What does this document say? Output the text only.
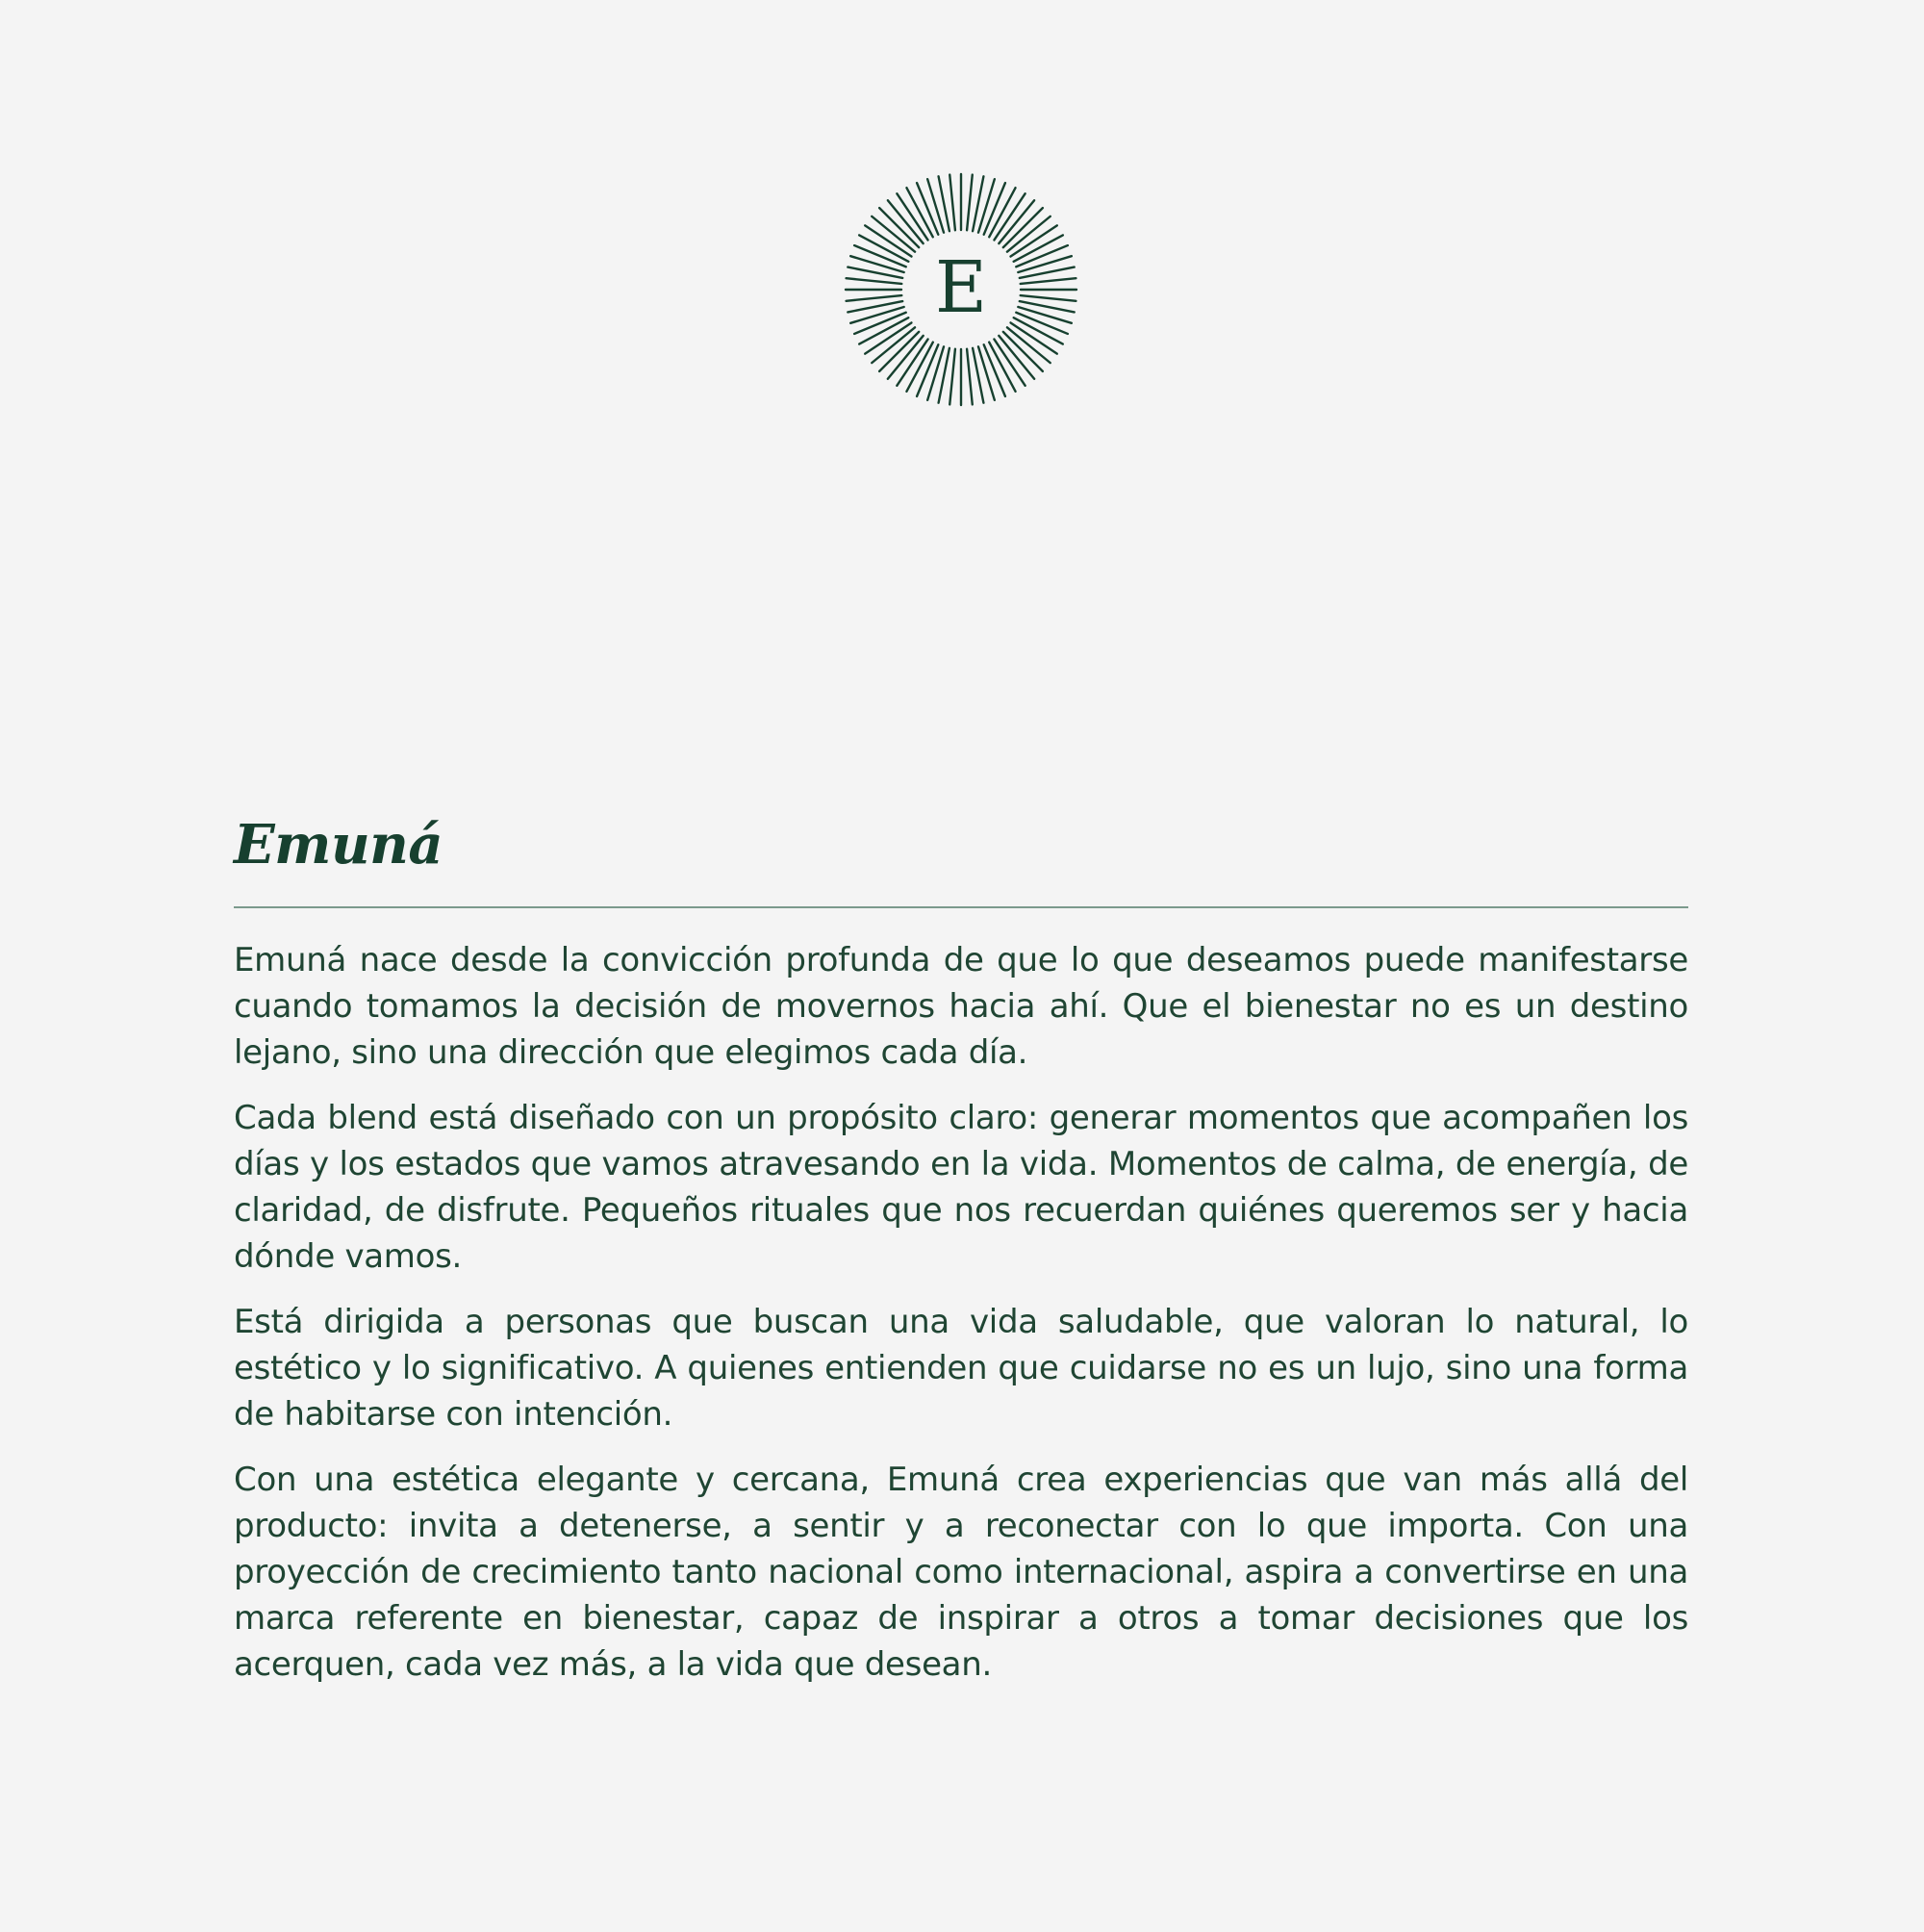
E
Emuná

Emuná nace desde la convicción profunda de que lo que deseamos puede manifestarse cuando tomamos la decisión de movernos hacia ahí. Que el bienestar no es un destino lejano, sino una dirección que elegimos cada día.

Cada blend está diseñado con un propósito claro: generar momentos que acompañen los días y los estados que vamos atravesando en la vida. Momentos de calma, de energía, de claridad, de disfrute. Pequeños rituales que nos recuerdan quiénes queremos ser y hacia dónde vamos.

Está dirigida a personas que buscan una vida saludable, que valoran lo natural, lo estético y lo significativo. A quienes entienden que cuidarse no es un lujo, sino una forma de habitarse con intención.

Con una estética elegante y cercana, Emuná crea experiencias que van más allá del producto: invita a detenerse, a sentir y a reconectar con lo que importa. Con una proyección de crecimiento tanto nacional como internacional, aspira a convertirse en una marca referente en bienestar, capaz de inspirar a otros a tomar decisiones que los acerquen, cada vez más, a la vida que desean.
